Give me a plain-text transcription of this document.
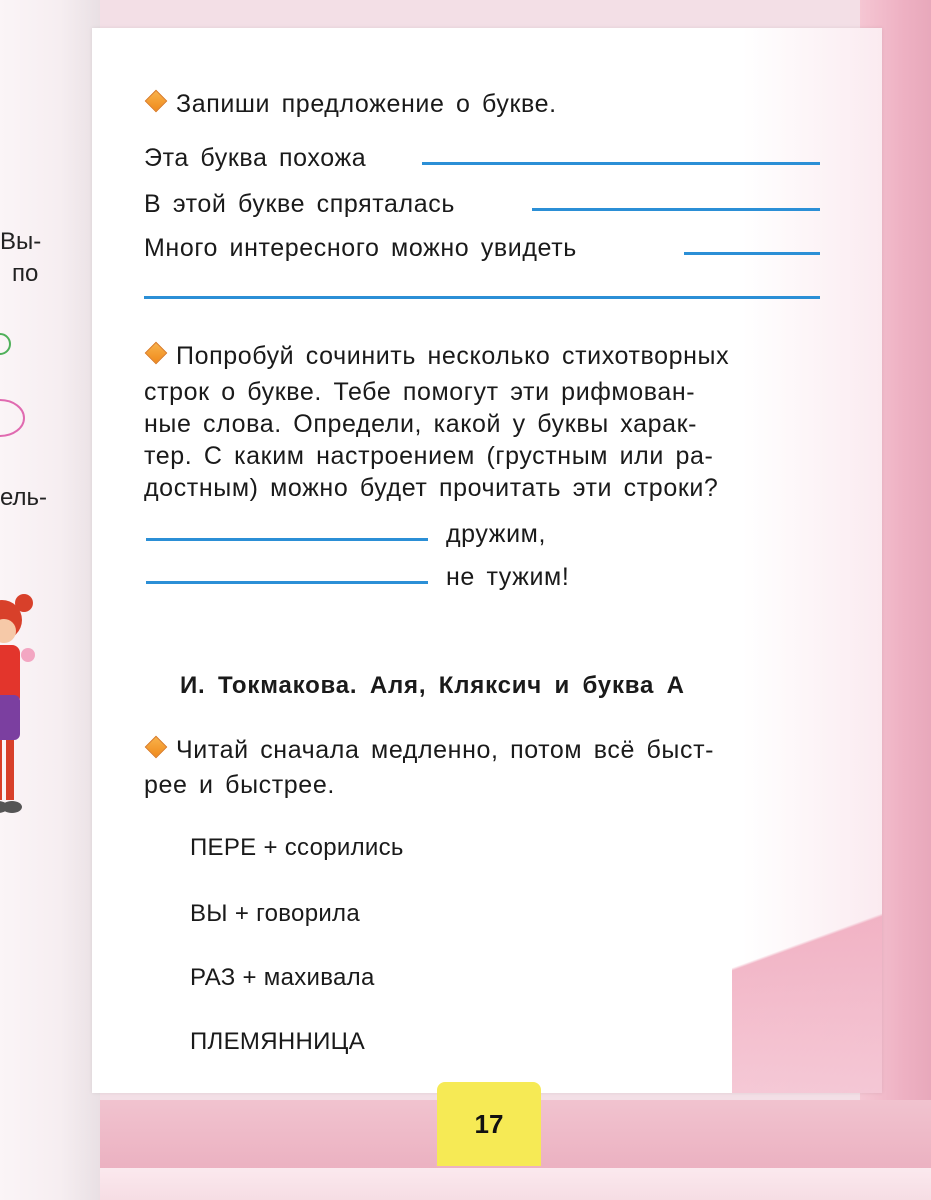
Вы-
по
ель-
Запиши предложение о букве.
Эта буква похожа
В этой букве спряталась
Много интересного можно увидеть
Попробуй сочинить несколько стихотворных
строк о букве. Тебе помогут эти рифмован-
ные слова. Определи, какой у буквы харак-
тер. С каким настроением (грустным или ра-
достным) можно будет прочитать эти строки?
дружим,
не тужим!
И. Токмакова. Аля, Кляксич и буква А
Читай сначала медленно, потом всё быст-
рее и быстрее.
ПЕРЕ + ссорились
ВЫ + говорила
РАЗ + махивала
ПЛЕМЯННИЦА
17
